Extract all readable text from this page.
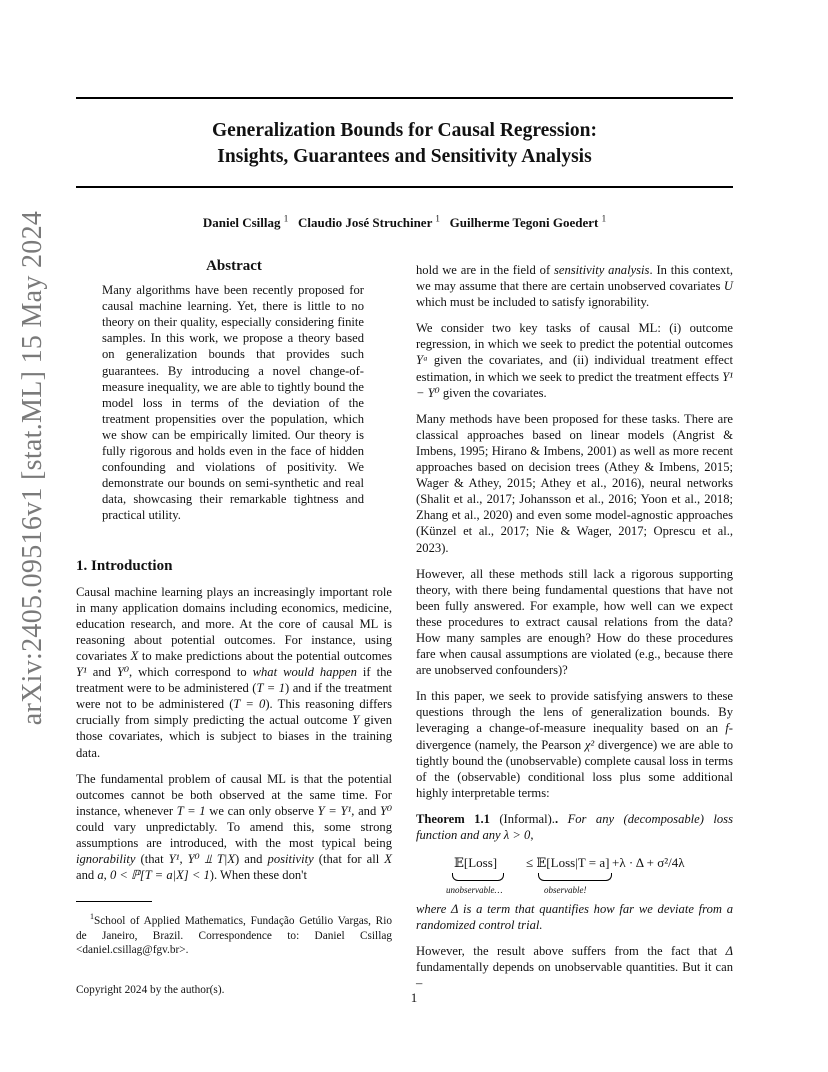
Generalization Bounds for Causal Regression:
Insights, Guarantees and Sensitivity Analysis
Daniel Csillag $^1$ Claudio José Struchiner $^1$ Guilherme Tegoni Goedert $^1$
arXiv:2405.09516v1 [stat.ML] 15 May 2024	Abstract
Many algorithms have been recently proposed for causal machine learning. Yet, there is little to no theory on their quality, especially considering finite samples. In this work, we propose a theory based on generalization bounds that provides such guarantees. By introducing a novel change-of-measure inequality, we are able to tightly bound the model loss in terms of the deviation of the treatment propensities over the population, which we show can be empirically limited. Our theory is fully rigorous and holds even in the face of hidden confounding and violations of positivity. We demonstrate our bounds on semi-synthetic and real data, showcasing their remarkable tightness and practical utility.
1. Introduction

Causal machine learning plays an increasingly important role in many application domains including economics, medicine, education research, and more. At the core of causal ML is reasoning about potential outcomes. For instance, using covariates X to make predictions about the potential outcomes Y¹ and Y⁰, which correspond to what would happen if the treatment were to be administered (T = 1) and if the treatment were not to be administered (T = 0). This reasoning differs crucially from simply predicting the actual outcome Y given those covariates, which is subject to biases in the training data.

The fundamental problem of causal ML is that the potential outcomes cannot be both observed at the same time. For instance, whenever T = 1 we can only observe Y = Y¹, and Y⁰ could vary unpredictably. To amend this, some strong assumptions are introduced, with the most typical being ignorability (that Y¹, Y⁰ ⫫ T|X) and positivity (that for all X and a, 0 < ℙ[T = a|X] < 1). When these don't

$^1$School of Applied Mathematics, Fundação Getúlio Vargas, Rio de Janeiro, Brazil. Correspondence to: Daniel Csillag <daniel.csillag@fgv.br>.
Copyright 2024 by the author(s).

hold we are in the field of sensitivity analysis. In this context, we may assume that there are certain unobserved covariates U which must be included to satisfy ignorability.

We consider two key tasks of causal ML: (i) outcome regression, in which we seek to predict the potential outcomes Yᵃ given the covariates, and (ii) individual treatment effect estimation, in which we seek to predict the treatment effects Y¹ − Y⁰ given the covariates.

Many methods have been proposed for these tasks. There are classical approaches based on linear models (Angrist & Imbens, 1995; Hirano & Imbens, 2001) as well as more recent approaches based on decision trees (Athey & Imbens, 2015; Wager & Athey, 2015; Athey et al., 2016), neural networks (Shalit et al., 2017; Johansson et al., 2016; Yoon et al., 2018; Zhang et al., 2020) and even some model-agnostic approaches (Künzel et al., 2017; Nie & Wager, 2017; Oprescu et al., 2023).

However, all these methods still lack a rigorous supporting theory, with there being fundamental questions that have not been fully answered. For example, how well can we expect these procedures to extract causal relations from the data? How many samples are enough? How do these procedures fare when causal assumptions are violated (e.g., because there are unobserved confounders)?

In this paper, we seek to provide satisfying answers to these questions through the lens of generalization bounds. By leveraging a change-of-measure inequality based on an f-divergence (namely, the Pearson χ² divergence) we are able to tightly bound the (unobservable) complete causal loss in terms of the (observable) conditional loss plus some additional highly interpretable terms:

Theorem 1.1 (Informal).. For any (decomposable) loss function and any λ > 0,
𝔼[Loss]
unobservable…
≤ 𝔼[Loss|T = a]
observable!
+λ · Δ + σ²/4λ

where Δ is a term that quantifies how far we deviate from a randomized control trial.

However, the result above suffers from the fact that Δ fundamentally depends on unobservable quantities. But it can –

1
